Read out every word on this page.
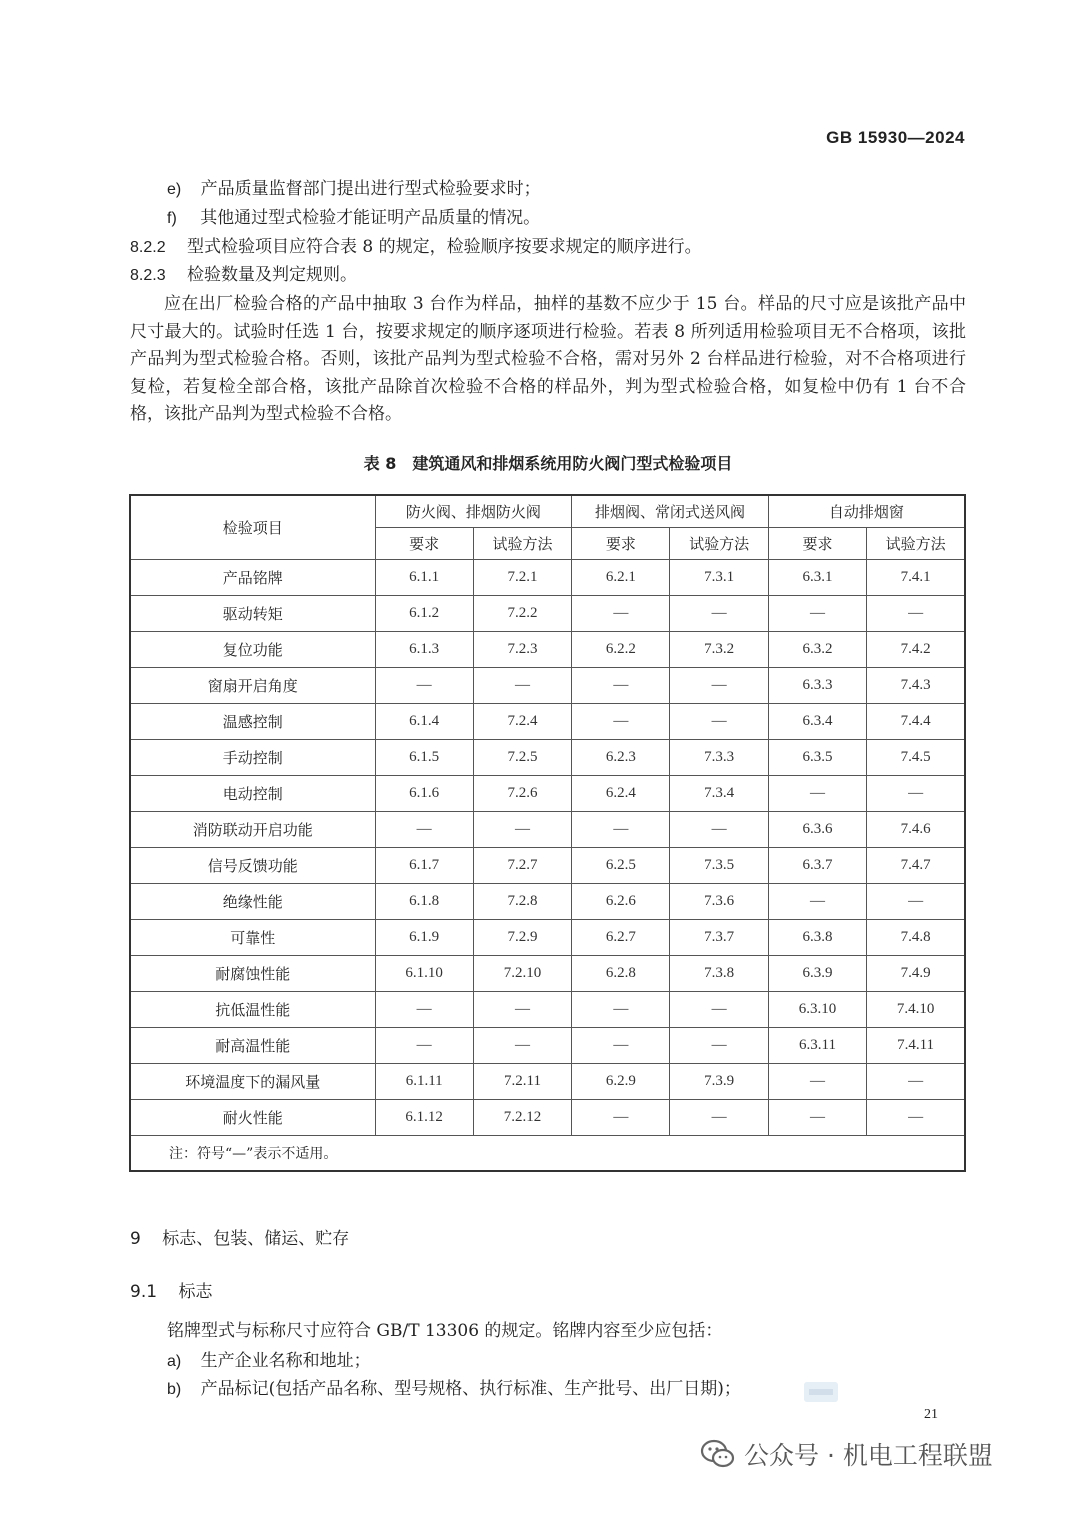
GB 15930—2024
e) 产品质量监督部门提出进行型式检验要求时；
f) 其他通过型式检验才能证明产品质量的情况。
8.2.2 型式检验项目应符合表 8 的规定，检验顺序按要求规定的顺序进行。
8.2.3 检验数量及判定规则。
应在出厂检验合格的产品中抽取 3 台作为样品，抽样的基数不应少于 15 台。样品的尺寸应是该批产品中尺寸最大的。试验时任选 1 台，按要求规定的顺序逐项进行检验。若表 8 所列适用检验项目无不合格项，该批产品判为型式检验合格。否则，该批产品判为型式检验不合格，需对另外 2 台样品进行检验，对不合格项进行复检，若复检全部合格，该批产品除首次检验不合格的样品外，判为型式检验合格，如复检中仍有 1 台不合格，该批产品判为型式检验不合格。
表 8　建筑通风和排烟系统用防火阀门型式检验项目
检验项目	防火阀、排烟防火阀		排烟阀、常闭式送风阀		自动排烟窗	
	要求	试验方法	要求	试验方法	要求	试验方法
产品铭牌	6.1.1	7.2.1	6.2.1	7.3.1	6.3.1	7.4.1
驱动转矩	6.1.2	7.2.2	—	—	—	—
复位功能	6.1.3	7.2.3	6.2.2	7.3.2	6.3.2	7.4.2
窗扇开启角度	—	—	—	—	6.3.3	7.4.3
温感控制	6.1.4	7.2.4	—	—	6.3.4	7.4.4
手动控制	6.1.5	7.2.5	6.2.3	7.3.3	6.3.5	7.4.5
电动控制	6.1.6	7.2.6	6.2.4	7.3.4	—	—
消防联动开启功能	—	—	—	—	6.3.6	7.4.6
信号反馈功能	6.1.7	7.2.7	6.2.5	7.3.5	6.3.7	7.4.7
绝缘性能	6.1.8	7.2.8	6.2.6	7.3.6	—	—
可靠性	6.1.9	7.2.9	6.2.7	7.3.7	6.3.8	7.4.8
耐腐蚀性能	6.1.10	7.2.10	6.2.8	7.3.8	6.3.9	7.4.9
抗低温性能	—	—	—	—	6.3.10	7.4.10
耐高温性能	—	—	—	—	6.3.11	7.4.11
环境温度下的漏风量	6.1.11	7.2.11	6.2.9	7.3.9	—	—
耐火性能	6.1.12	7.2.12	—	—	—	—
注：符号“—”表示不适用。						
9 标志、包装、储运、贮存
9.1 标志
铭牌型式与标称尺寸应符合 GB/T 13306 的规定。铭牌内容至少应包括：
a) 生产企业名称和地址；
b) 产品标记(包括产品名称、型号规格、执行标准、生产批号、出厂日期)；
21
公众号 · 机电工程联盟
